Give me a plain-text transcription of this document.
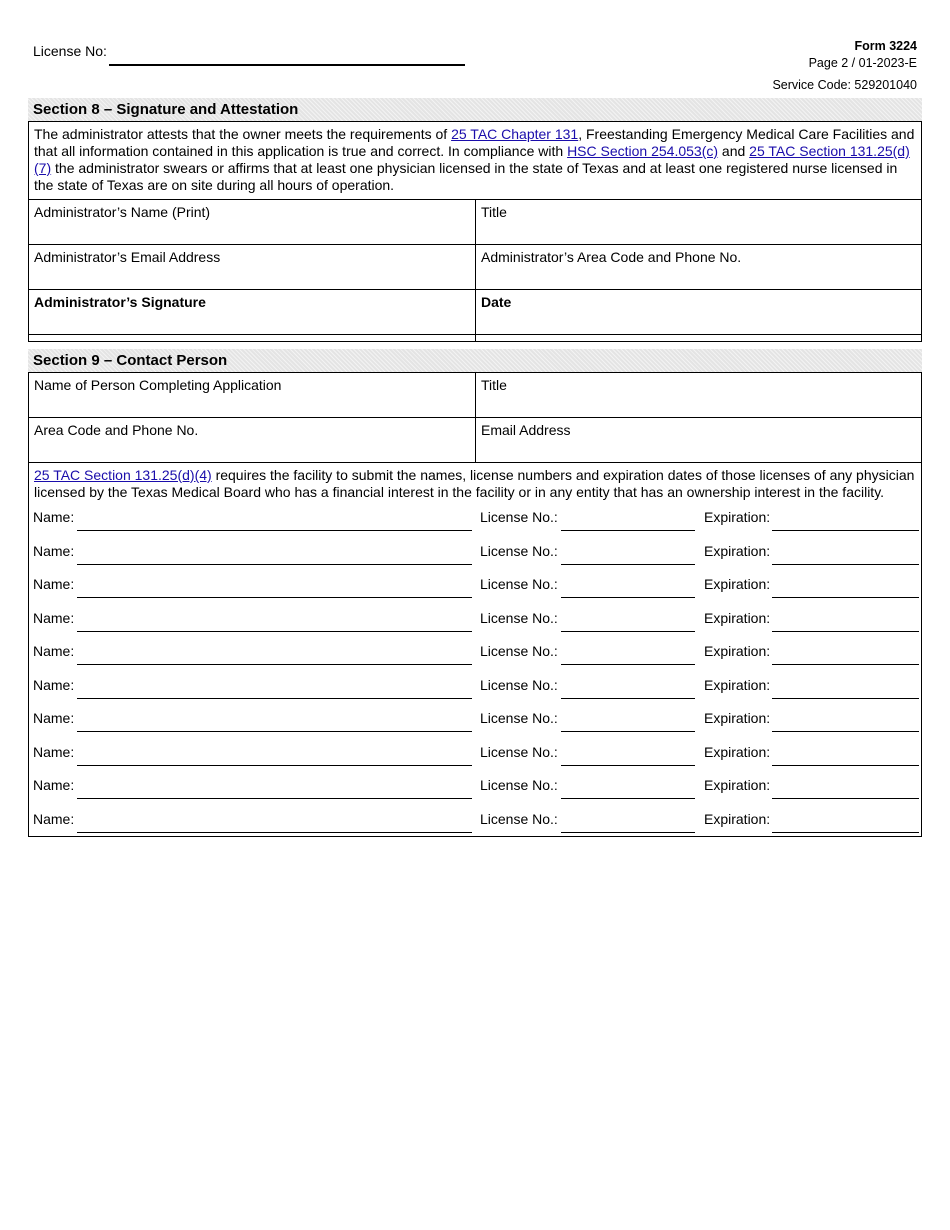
License No:	Form 3224
Page 2 / 01-2023-E

Service Code: 529201040
Section 8 – Signature and Attestation
The administrator attests that the owner meets the requirements of 25 TAC Chapter 131, Freestanding Emergency Medical Care Facilities and that all information contained in this application is true and correct. In compliance with HSC Section 254.053(c) and 25 TAC Section 131.25(d)(7) the administrator swears or affirms that at least one physician licensed in the state of Texas and at least one registered nurse licensed in the state of Texas are on site during all hours of operation.
Administrator’s Name (Print)	Title
Administrator’s Email Address	Administrator’s Area Code and Phone No.
Administrator’s Signature	Date
Section 9 – Contact Person
Name of Person Completing Application	Title
Area Code and Phone No.	Email Address
25 TAC Section 131.25(d)(4) requires the facility to submit the names, license numbers and expiration dates of those licenses of any physician licensed by the Texas Medical Board who has a financial interest in the facility or in any entity that has an ownership interest in the facility.
Name:	License No.:	Expiration:
Name:	License No.:	Expiration:
Name:	License No.:	Expiration:
Name:	License No.:	Expiration:
Name:	License No.:	Expiration:
Name:	License No.:	Expiration:
Name:	License No.:	Expiration:
Name:	License No.:	Expiration:
Name:	License No.:	Expiration:
Name:	License No.:	Expiration:
